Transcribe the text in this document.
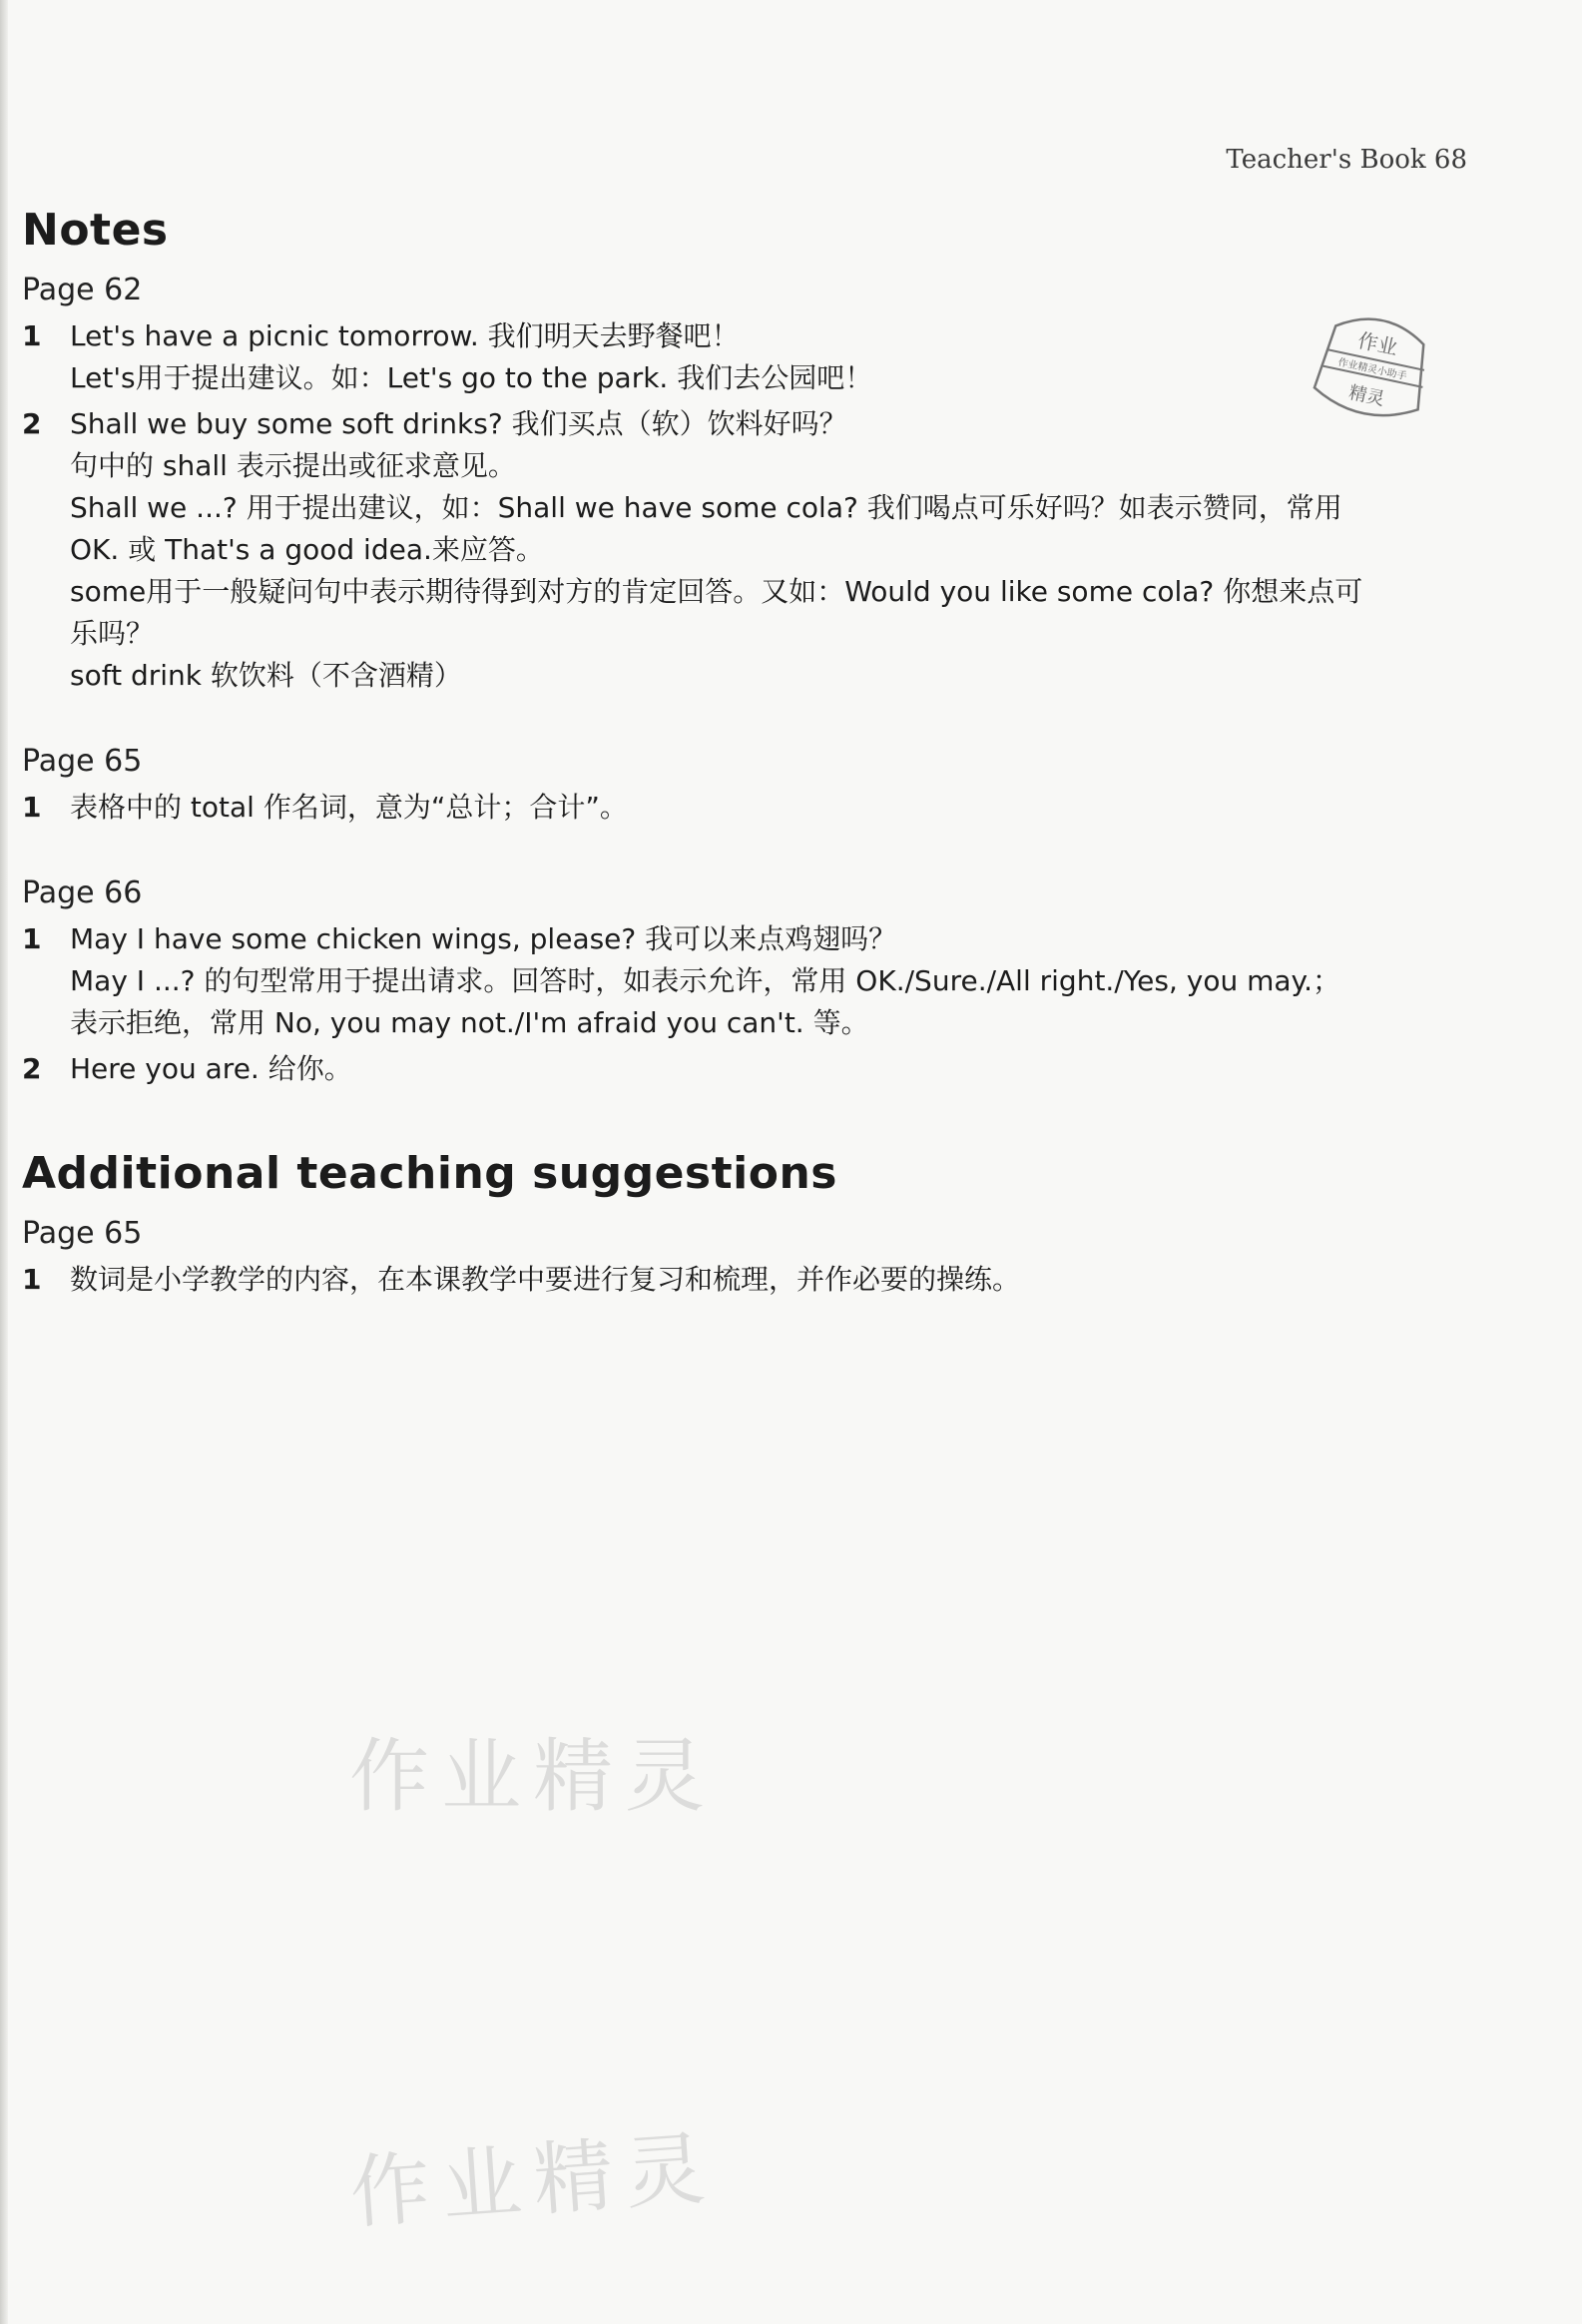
Teacher's Book 68
作业
作业精灵小助手
精灵
Notes

Page 62

1	Let's have a picnic tomorrow. 我们明天去野餐吧！
Let's用于提出建议。如：Let's go to the park. 我们去公园吧！
2	Shall we buy some soft drinks? 我们买点（软）饮料好吗？
句中的 shall 表示提出或征求意见。
Shall we ...? 用于提出建议，如：Shall we have some cola? 我们喝点可乐好吗？如表示赞同，常用
OK. 或 That's a good idea.来应答。
some用于一般疑问句中表示期待得到对方的肯定回答。又如：Would you like some cola? 你想来点可
乐吗？
soft drink 软饮料（不含酒精）

Page 65

1	表格中的 total 作名词，意为“总计；合计”。

Page 66

1	May I have some chicken wings, please? 我可以来点鸡翅吗？
May I ...? 的句型常用于提出请求。回答时，如表示允许，常用 OK./Sure./All right./Yes, you may.；
表示拒绝，常用 No, you may not./I'm afraid you can't. 等。
2	Here you are. 给你。
Additional teaching suggestions

Page 65

1	数词是小学教学的内容，在本课教学中要进行复习和梳理，并作必要的操练。
作业精灵
作业精灵
